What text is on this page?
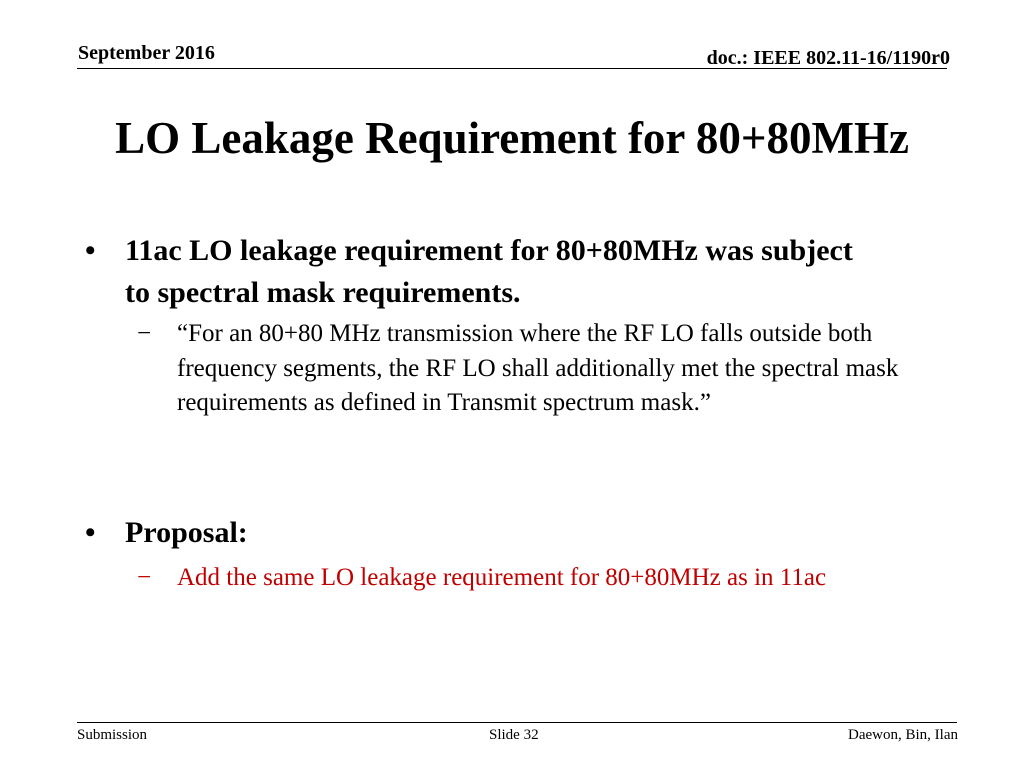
September 2016	doc.: IEEE 802.11-16/1190r0
LO Leakage Requirement for 80+80MHz
• 11ac LO leakage requirement for 80+80MHz was subject to spectral mask requirements.
− “For an 80+80 MHz transmission where the RF LO falls outside both frequency segments, the RF LO shall additionally met the spectral mask requirements as defined in Transmit spectrum mask.”
• Proposal:
− Add the same LO leakage requirement for 80+80MHz as in 11ac
Submission	Slide 32	Daewon, Bin, Ilan
